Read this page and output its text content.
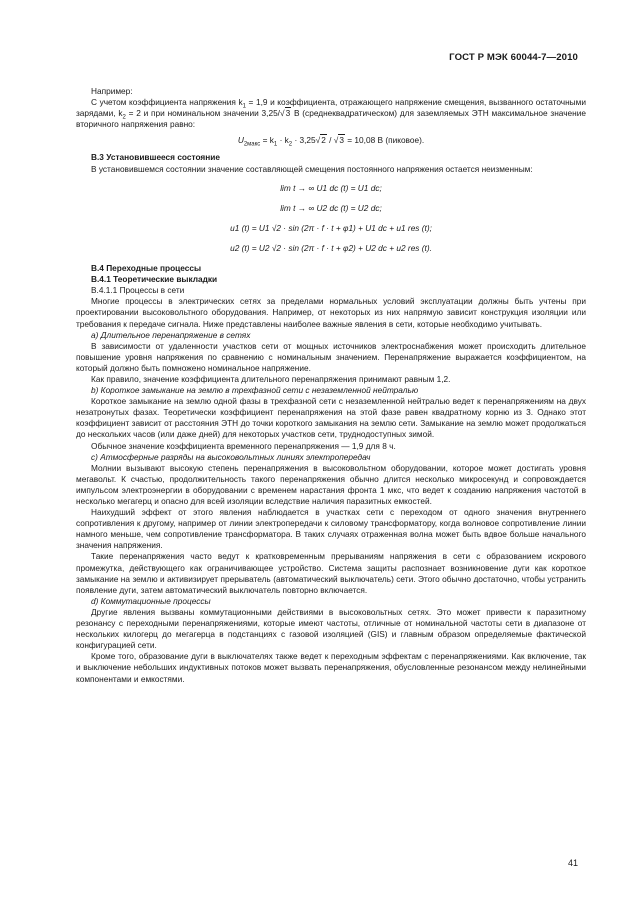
ГОСТ Р МЭК 60044-7—2010

Например:

С учетом коэффициента напряжения $k_1 = 1,9$ и коэффициента, отражающего напряжение смещения, вызванного остаточными зарядами, $k_2 = 2$ и при номинальном значении 3,25/√3 В (среднеквадратическом) для заземляемых ЭТН максимальное значение вторичного напряжения равно:

$U_{2макс} = k_1 \cdot k_2 \cdot 3,25√2 / √3 = 10,08$ В (пиковое).

В.3 Установившееся состояние

В установившемся состоянии значение составляющей смещения постоянного напряжения остается неизменным:

lim t → ∞ U1 dc (t) = U1 dc;

lim t → ∞ U2 dc (t) = U2 dc;

u1 (t) = U1 √2 · sin (2π · f · t + φ1) + U1 dc + u1 res (t);

u2 (t) = U2 √2 · sin (2π · f · t + φ2) + U2 dc + u2 res (t).

В.4 Переходные процессы

В.4.1 Теоретические выкладки

В.4.1.1 Процессы в сети

Многие процессы в электрических сетях за пределами нормальных условий эксплуатации должны быть учтены при проектировании высоковольтного оборудования. Например, от некоторых из них напрямую зависит конструкция изоляции или требования к передаче сигнала. Ниже представлены наиболее важные явления в сети, которые необходимо учитывать.

а) Длительное перенапряжение в сетях

В зависимости от удаленности участков сети от мощных источников электроснабжения может происходить длительное повышение уровня напряжения по сравнению с номинальным значением. Перенапряжение выражается коэффициентом, на который должно быть помножено номинальное напряжение.

Как правило, значение коэффициента длительного перенапряжения принимают равным 1,2.

b) Короткое замыкание на землю в трехфазной сети с незаземленной нейтралью

Короткое замыкание на землю одной фазы в трехфазной сети с незаземленной нейтралью ведет к перенапряжениям на двух незатронутых фазах. Теоретически коэффициент перенапряжения на этой фазе равен квадратному корню из 3. Однако этот коэффициент зависит от расстояния ЭТН до точки короткого замыкания на землю сети. Замыкание на землю может продолжаться до нескольких часов (или даже дней) для некоторых участков сети, труднодоступных зимой.

Обычное значение коэффициента временного перенапряжения — 1,9 для 8 ч.

с) Атмосферные разряды на высоковольтных линиях электропередач

Молнии вызывают высокую степень перенапряжения в высоковольтном оборудовании, которое может достигать уровня мегавольт. К счастью, продолжительность такого перенапряжения обычно длится несколько микросекунд и сопровождается импульсом электроэнергии в оборудовании с временем нарастания фронта 1 мкс, что ведет к созданию напряжения частотой в несколько мегагерц и опасно для всей изоляции вследствие наличия паразитных емкостей.

Наихудший эффект от этого явления наблюдается в участках сети с переходом от одного значения внутреннего сопротивления к другому, например от линии электропередачи к силовому трансформатору, когда волновое сопротивление линии намного меньше, чем сопротивление трансформатора. В таких случаях отраженная волна может быть вдвое больше начального значения напряжения.

Такие перенапряжения часто ведут к кратковременным прерываниям напряжения в сети с образованием искрового промежутка, действующего как ограничивающее устройство. Система защиты распознает возникновение дуги как короткое замыкание на землю и активизирует прерыватель (автоматический выключатель) сети. Этого обычно достаточно, чтобы устранить появление дуги, затем автоматический выключатель повторно включается.

d) Коммутационные процессы

Другие явления вызваны коммутационными действиями в высоковольтных сетях. Это может привести к паразитному резонансу с переходными перенапряжениями, которые имеют частоты, отличные от номинальной частоты сети в диапазоне от нескольких килогерц до мегагерца в подстанциях с газовой изоляцией (GIS) и главным образом определяемые фактической конфигурацией сети.

Кроме того, образование дуги в выключателях также ведет к переходным эффектам с перенапряжениями. Как включение, так и выключение небольших индуктивных потоков может вызвать перенапряжения, обусловленные резонансом между нелинейными компонентами и емкостями.

41
